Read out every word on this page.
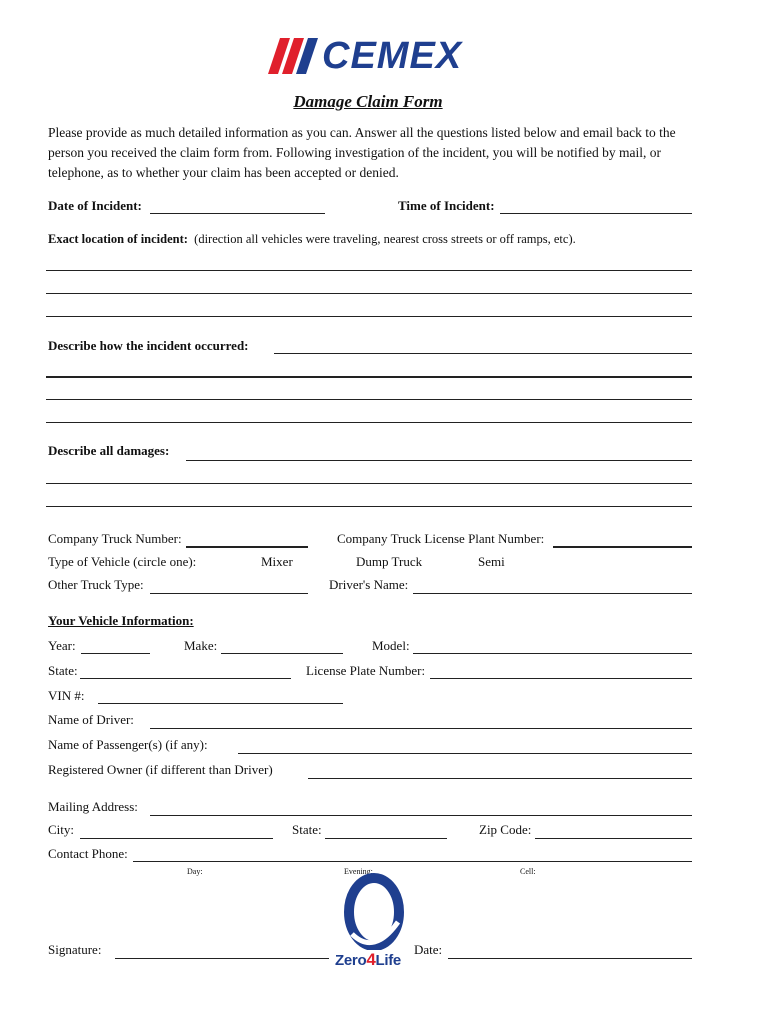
CEMEX
Damage Claim Form
Please provide as much detailed information as you can. Answer all the questions listed below and email back to the person you received the claim form from. Following investigation of the incident, you will be notified by mail, or telephone, as to whether your claim has been accepted or denied.
Date of Incident:	Time of Incident:
Exact location of incident: (direction all vehicles were traveling, nearest cross streets or off ramps, etc).
Describe how the incident occurred:
Describe all damages:
Company Truck Number:	Company Truck License Plant Number:
Type of Vehicle (circle one):	Mixer	Dump Truck	Semi
Other Truck Type:	Driver's Name:
Your Vehicle Information:
Year:	Make:	Model:
State:	License Plate Number:
VIN #:
Name of Driver:
Name of Passenger(s) (if any):
Registered Owner (if different than Driver)
Mailing Address:
City:	State:	Zip Code:
Contact Phone:
Day:	Evening:	Cell:
Signature:
Zero4Life
Date:
